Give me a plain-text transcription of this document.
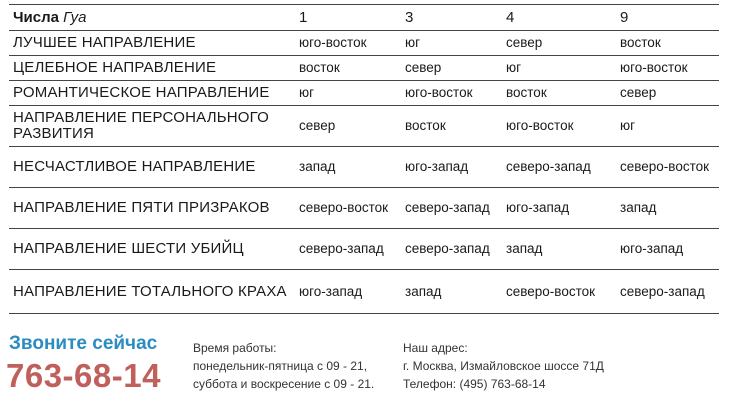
Числа Гуа	1	3	4	9
ЛУЧШЕЕ НАПРАВЛЕНИЕ	юго-восток	юг	север	восток
ЦЕЛЕБНОЕ НАПРАВЛЕНИЕ	восток	север	юг	юго-восток
РОМАНТИЧЕСКОЕ НАПРАВЛЕНИЕ	юг	юго-восток	восток	север
НАПРАВЛЕНИЕ ПЕРСОНАЛЬНОГО РАЗВИТИЯ	север	восток	юго-восток	юг
НЕСЧАСТЛИВОЕ НАПРАВЛЕНИЕ	запад	юго-запад	северо-запад	северо-восток
НАПРАВЛЕНИЕ ПЯТИ ПРИЗРАКОВ	северо-восток	северо-запад	юго-запад	запад
НАПРАВЛЕНИЕ ШЕСТИ УБИЙЦ	северо-запад	северо-запад	запад	юго-запад
НАПРАВЛЕНИЕ ТОТАЛЬНОГО КРАХА	юго-запад	запад	северо-восток	северо-запад
Звоните сейчас
763-68-14
Время работы:
понедельник-пятница с 09 - 21,
суббота и воскресение с 09 - 21.
Наш адрес:
г. Москва, Измайловское шоссе 71Д
Телефон: (495) 763-68-14
